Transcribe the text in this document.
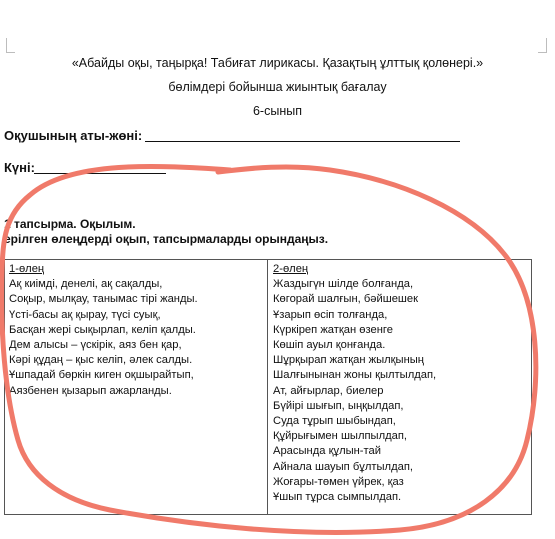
«Абайды оқы, таңырқа! Табиғат лирикасы. Қазақтың ұлттық қолөнері.»
бөлімдері бойынша жиынтық бағалау
6-сынып
Оқушының аты-жөні:
Күні:
1 тапсырма. Оқылым.
ерілген өлеңдерді оқып, тапсырмаларды орындаңыз.
1-өлең
Ақ киімді, денелі, ақ сақалды,
Соқыр, мылқау, танымас тірі жанды.
Үсті-басы ақ қырау, түсі суық,
Басқан жері сықырлап, келіп қалды.
Дем алысы – үскірік, аяз бен қар,
Кәрі құдаң – қыс келіп, әлек салды.
Ұшпадай бөркін киген оқшырайтып,
Аязбенен қызарып ажарланды.
2-өлең
Жаздыгүн шілде болғанда,
Көгорай шалғын, бәйшешек
Ұзарып өсіп толғанда,
Күркіреп жатқан өзенге
Көшіп ауыл қонғанда.
Шұрқырап жатқан жылқының
Шалғынынан жоны қылтылдап,
Ат, айғырлар, биелер
Бүйірі шығып, ыңқылдап,
Суда тұрып шыбындап,
Құйрығымен шылпылдап,
Арасында құлын-тай
Айнала шауып бұлтылдап,
Жоғары-төмен үйрек, қаз
Ұшып тұрса сымпылдап.
